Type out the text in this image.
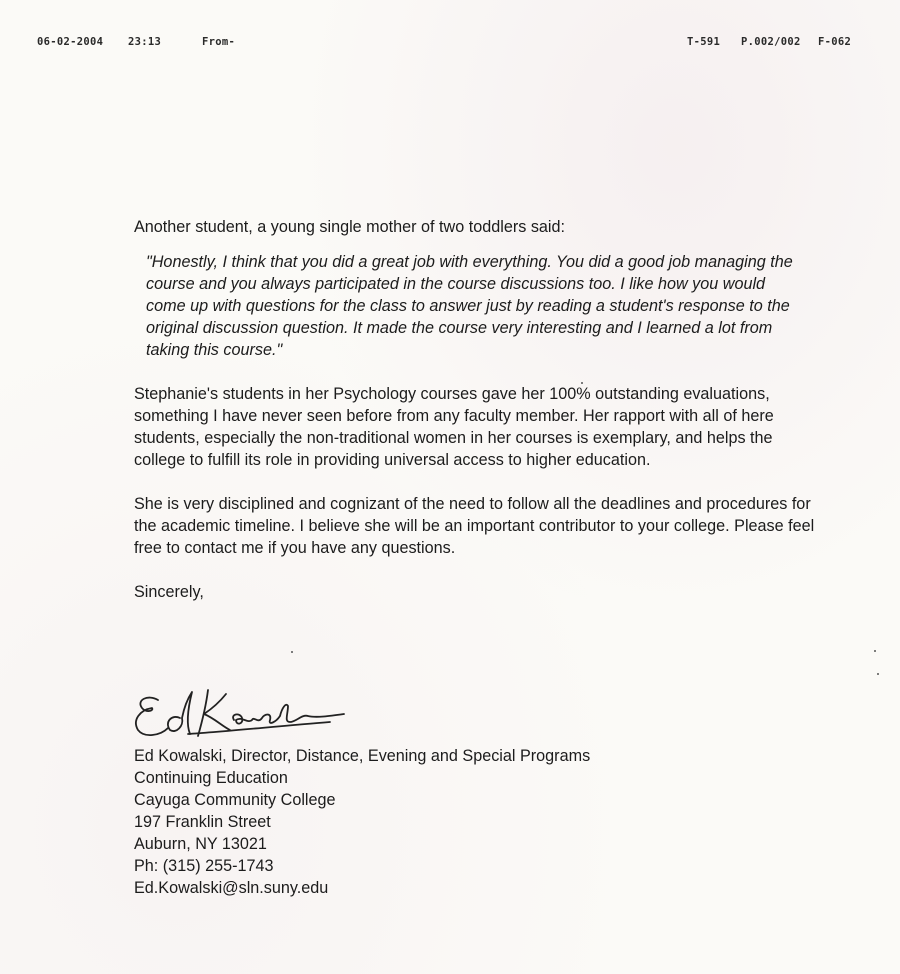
06-02-2004 23:13	From-	T-591 P.002/002 F-062

Another student, a young single mother of two toddlers said:

"Honestly, I think that you did a great job with everything. You did a good job managing the course and you always participated in the course discussions too. I like how you would come up with questions for the class to answer just by reading a student's response to the original discussion question. It made the course very interesting and I learned a lot from taking this course."

Stephanie's students in her Psychology courses gave her 100% outstanding evaluations, something I have never seen before from any faculty member. Her rapport with all of here students, especially the non-traditional women in her courses is exemplary, and helps the college to fulfill its role in providing universal access to higher education.

She is very disciplined and cognizant of the need to follow all the deadlines and procedures for the academic timeline. I believe she will be an important contributor to your college. Please feel free to contact me if you have any questions.

Sincerely,

Ed Kowalski, Director, Distance, Evening and Special Programs
Continuing Education
Cayuga Community College
197 Franklin Street
Auburn, NY 13021
Ph: (315) 255-1743
Ed.Kowalski@sln.suny.edu
